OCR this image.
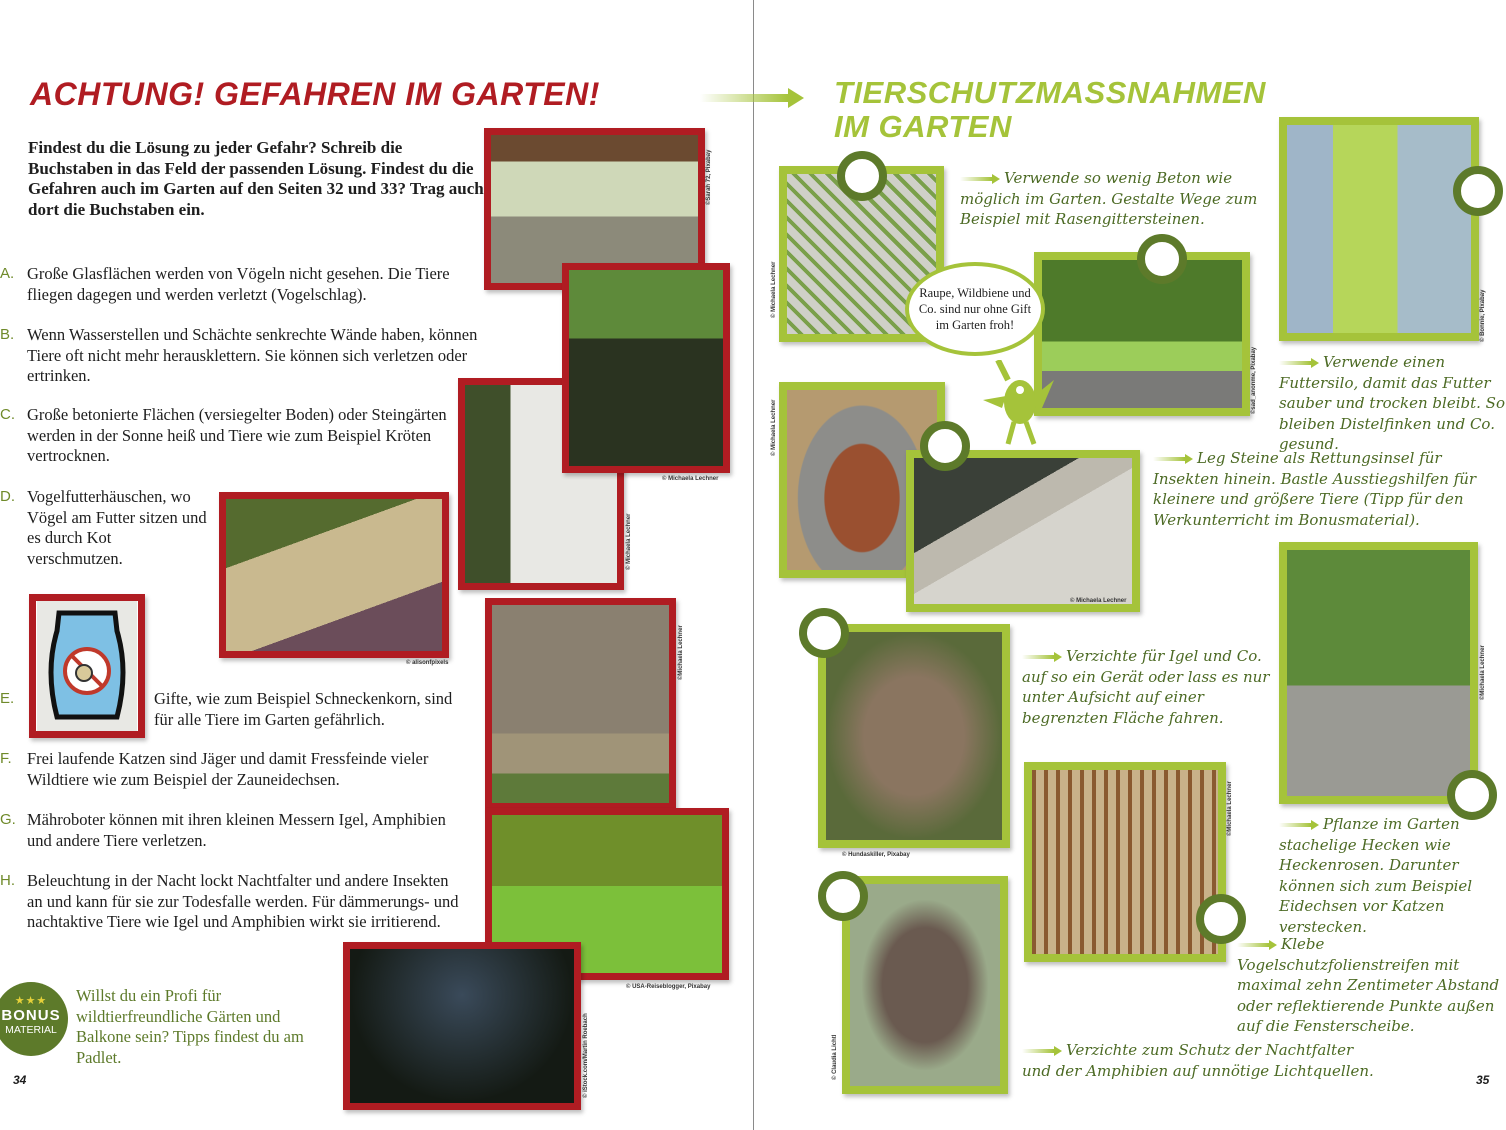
ACHTUNG! GEFAHREN IM GARTEN!
Findest du die Lösung zu jeder Gefahr? Schreib die Buchstaben in das Feld der passenden Lösung. Findest du die Gefahren auch im Garten auf den Seiten 32 und 33? Trag auch dort die Buchstaben ein.
A. Große Glasflächen werden von Vögeln nicht gesehen. Die Tiere fliegen dagegen und werden verletzt (Vogelschlag).
B. Wenn Wasserstellen und Schächte senkrechte Wände haben, können Tiere oft nicht mehr herausklettern. Sie können sich verletzen oder ertrinken.
C. Große betonierte Flächen (versiegelter Boden) oder Steingärten werden in der Sonne heiß und Tiere wie zum Beispiel Kröten vertrocknen.
D. Vogelfutterhäuschen, wo Vögel am Futter sitzen und es durch Kot verschmutzen.
E.	Gifte, wie zum Beispiel Schneckenkorn, sind für alle Tiere im Garten gefährlich.
F. Frei laufende Katzen sind Jäger und damit Fressfeinde vieler Wildtiere wie zum Beispiel der Zauneidechsen.
G. Mähroboter können mit ihren kleinen Messern Igel, Amphibien und andere Tiere verletzen.
H. Beleuchtung in der Nacht lockt Nachtfalter und andere Insekten an und kann für sie zur Todesfalle werden. Für dämmerungs- und nachtaktive Tiere wie Igel und Amphibien wirkt sie irritierend.
©Sarah 72, Pixabay
© Michaela Lechner
© Michaela Lechner
© alisonfpixels	©Michaela Lechner
© USA-Reiseblogger, Pixabay
© iStock.com/Martin Roebach
★★★
BONUS
MATERIAL
Willst du ein Profi für wildtierfreundliche Gärten und Balkone sein? Tipps findest du am Padlet.
34
TIERSCHUTZMASSNAHMEN
IM GARTEN
© Michaela Lechner
Verwende so wenig Beton wie möglich im Garten. Gestalte Wege zum Beispiel mit Rasengittersteinen.
© Bonnie, Pixabay
Verwende einen Futtersilo, damit das Futter sauber und trocken bleibt. So bleiben Distelfinken und Co. gesund.
©sad_anonme, Pixabay
Raupe, Wildbiene und Co. sind nur ohne Gift im Garten froh!
© Michaela Lechner
© Michaela Lechner
Leg Steine als Rettungsinsel für Insekten hinein. Bastle Ausstiegshilfen für kleinere und größere Tiere (Tipp für den Werkunterricht im Bonusmaterial).
© Hundaskiller, Pixabay
Verzichte für Igel und Co. auf so ein Gerät oder lass es nur unter Aufsicht auf einer begrenzten Fläche fahren.
©Michaela Lechner
Pflanze im Garten stachelige Hecken wie Heckenrosen. Darunter können sich zum Beispiel Eidechsen vor Katzen verstecken.
©Michaela Lechner
Klebe Vogelschutzfolienstreifen mit maximal zehn Zentimeter Abstand oder reflektierende Punkte außen auf die Fensterscheibe.
© Claudia Lichtl	Verzichte zum Schutz der Nachtfalter und der Amphibien auf unnötige Lichtquellen.
35
